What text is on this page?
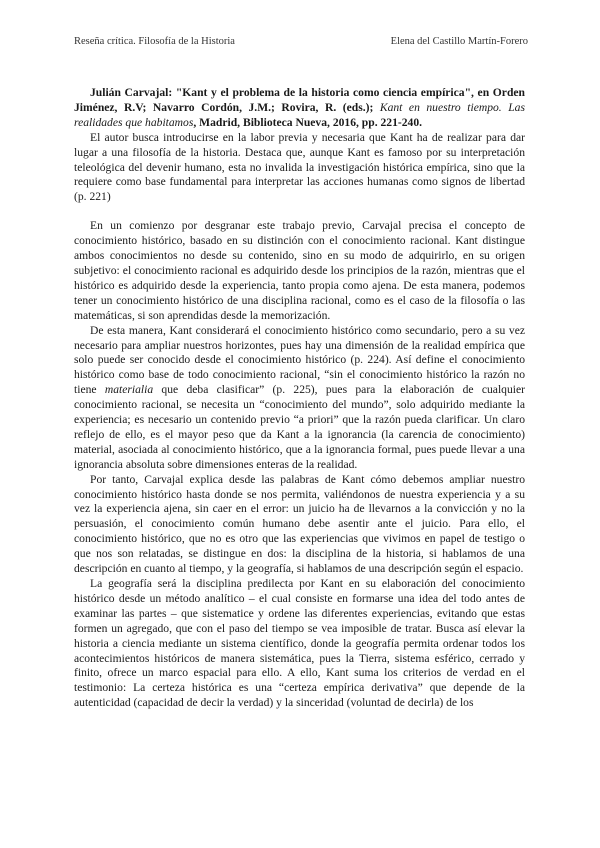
Reseña crítica. Filosofía de la Historia	Elena del Castillo Martín-Forero

Julián Carvajal: "Kant y el problema de la historia como ciencia empírica", en Orden Jiménez, R.V; Navarro Cordón, J.M.; Rovira, R. (eds.); Kant en nuestro tiempo. Las realidades que habitamos, Madrid, Biblioteca Nueva, 2016, pp. 221-240.

El autor busca introducirse en la labor previa y necesaria que Kant ha de realizar para dar lugar a una filosofía de la historia. Destaca que, aunque Kant es famoso por su interpretación teleológica del devenir humano, esta no invalida la investigación histórica empírica, sino que la requiere como base fundamental para interpretar las acciones humanas como signos de libertad (p. 221)

En un comienzo por desgranar este trabajo previo, Carvajal precisa el concepto de conocimiento histórico, basado en su distinción con el conocimiento racional. Kant distingue ambos conocimientos no desde su contenido, sino en su modo de adquirirlo, en su origen subjetivo: el conocimiento racional es adquirido desde los principios de la razón, mientras que el histórico es adquirido desde la experiencia, tanto propia como ajena. De esta manera, podemos tener un conocimiento histórico de una disciplina racional, como es el caso de la filosofía o las matemáticas, si son aprendidas desde la memorización.

De esta manera, Kant considerará el conocimiento histórico como secundario, pero a su vez necesario para ampliar nuestros horizontes, pues hay una dimensión de la realidad empírica que solo puede ser conocido desde el conocimiento histórico (p. 224). Así define el conocimiento histórico como base de todo conocimiento racional, “sin el conocimiento histórico la razón no tiene materialia que deba clasificar” (p. 225), pues para la elaboración de cualquier conocimiento racional, se necesita un “conocimiento del mundo”, solo adquirido mediante la experiencia; es necesario un contenido previo “a priori” que la razón pueda clarificar. Un claro reflejo de ello, es el mayor peso que da Kant a la ignorancia (la carencia de conocimiento) material, asociada al conocimiento histórico, que a la ignorancia formal, pues puede llevar a una ignorancia absoluta sobre dimensiones enteras de la realidad.

Por tanto, Carvajal explica desde las palabras de Kant cómo debemos ampliar nuestro conocimiento histórico hasta donde se nos permita, valiéndonos de nuestra experiencia y a su vez la experiencia ajena, sin caer en el error: un juicio ha de llevarnos a la convicción y no la persuasión, el conocimiento común humano debe asentir ante el juicio. Para ello, el conocimiento histórico, que no es otro que las experiencias que vivimos en papel de testigo o que nos son relatadas, se distingue en dos: la disciplina de la historia, si hablamos de una descripción en cuanto al tiempo, y la geografía, si hablamos de una descripción según el espacio.

La geografía será la disciplina predilecta por Kant en su elaboración del conocimiento histórico desde un método analítico – el cual consiste en formarse una idea del todo antes de examinar las partes – que sistematice y ordene las diferentes experiencias, evitando que estas formen un agregado, que con el paso del tiempo se vea imposible de tratar. Busca así elevar la historia a ciencia mediante un sistema científico, donde la geografía permita ordenar todos los acontecimientos históricos de manera sistemática, pues la Tierra, sistema esférico, cerrado y finito, ofrece un marco espacial para ello. A ello, Kant suma los criterios de verdad en el testimonio: La certeza histórica es una “certeza empírica derivativa” que depende de la autenticidad (capacidad de decir la verdad) y la sinceridad (voluntad de decirla) de los
